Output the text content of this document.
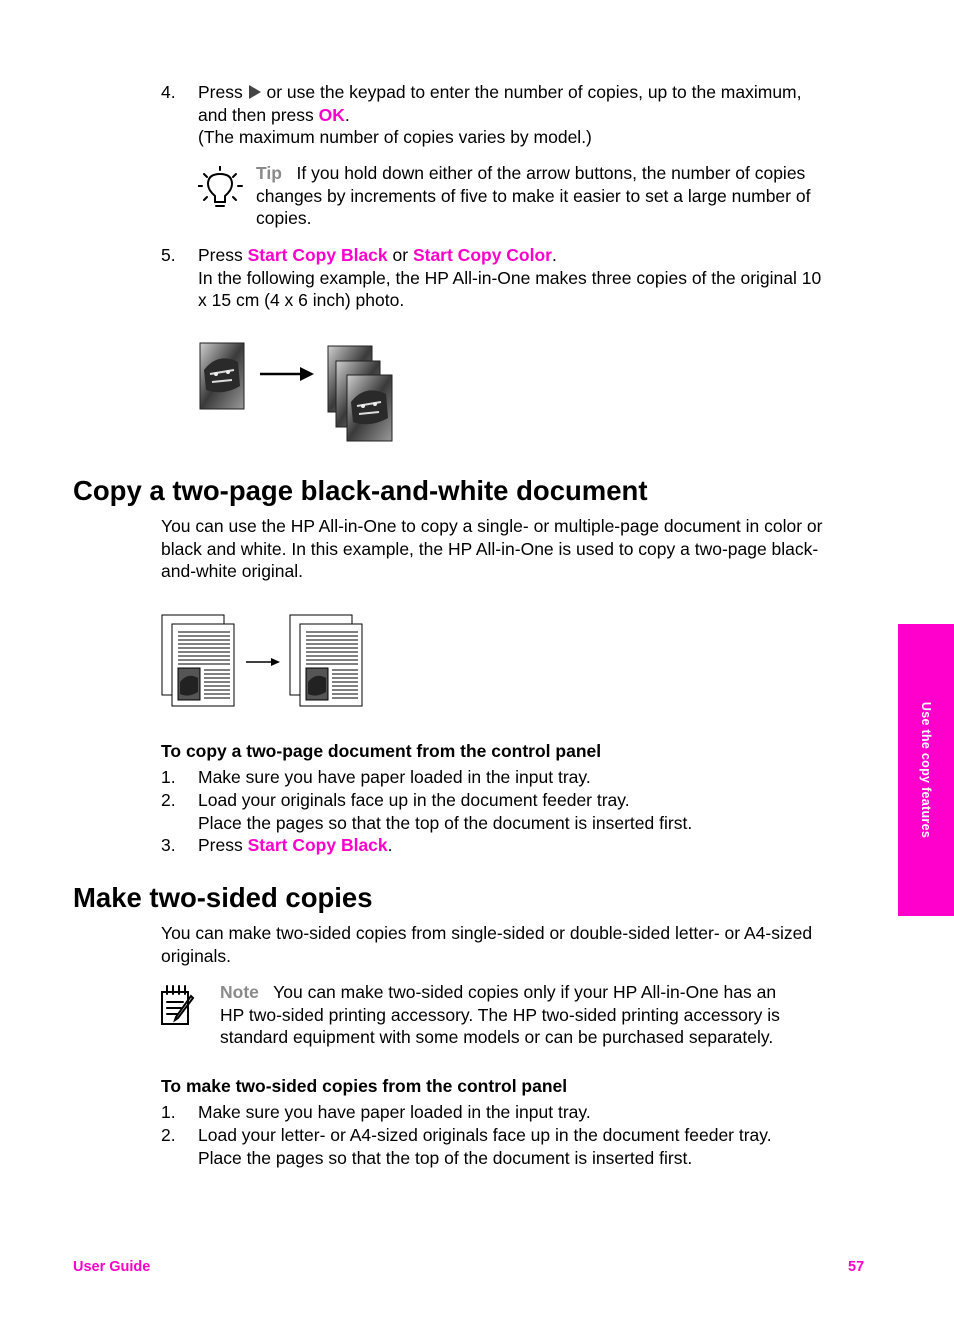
4. Press  or use the keypad to enter the number of copies, up to the maximum,
and then press OK.
(The maximum number of copies varies by model.)
Tip If you hold down either of the arrow buttons, the number of copies
changes by increments of five to make it easier to set a large number of
copies.
5. Press Start Copy Black or Start Copy Color.
In the following example, the HP All-in-One makes three copies of the original 10
x 15 cm (4 x 6 inch) photo.
Copy a two-page black-and-white document
You can use the HP All-in-One to copy a single- or multiple-page document in color or
black and white. In this example, the HP All-in-One is used to copy a two-page black-
and-white original.
To copy a two-page document from the control panel
1. Make sure you have paper loaded in the input tray.
2. Load your originals face up in the document feeder tray.
Place the pages so that the top of the document is inserted first.
3. Press Start Copy Black.
Make two-sided copies
You can make two-sided copies from single-sided or double-sided letter- or A4-sized
originals.
Note You can make two-sided copies only if your HP All-in-One has an
HP two-sided printing accessory. The HP two-sided printing accessory is
standard equipment with some models or can be purchased separately.
To make two-sided copies from the control panel
1. Make sure you have paper loaded in the input tray.
2. Load your letter- or A4-sized originals face up in the document feeder tray.
Place the pages so that the top of the document is inserted first.
Use the copy features
User Guide	57
